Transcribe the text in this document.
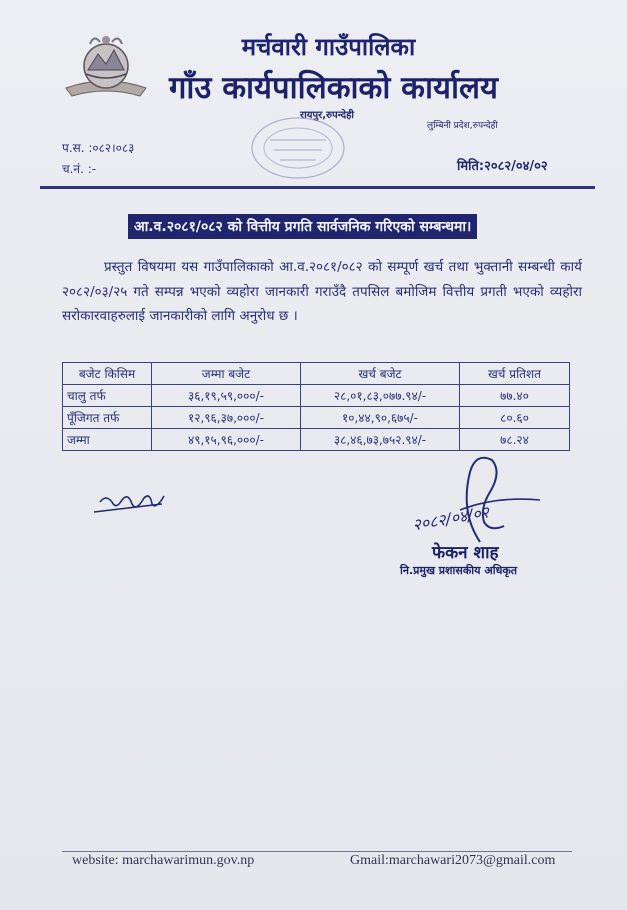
मर्चवारी गाउँपालिका
गाँउ कार्यपालिकाको कार्यालय
रायपुर,रुपन्देही
लुम्बिनी प्रदेश,रुपन्देही
प.स. :०८२।०८३
च.नं. :-	मिति:२०८२/०४/०२
आ.व.२०८१/०८२ को वित्तीय प्रगति सार्वजनिक गरिएको सम्बन्धमा।
प्रस्तुत विषयमा यस गाउँपालिकाको आ.व.२०८१/०८२ को सम्पूर्ण खर्च तथा भुक्तानी सम्बन्धी कार्य २०८२/०३/२५ गते सम्पन्न भएको व्यहोरा जानकारी गराउँदै तपसिल बमोजिम वित्तीय प्रगती भएको व्यहोरा सरोकारवाहरुलाई जानकारीको लागि अनुरोध छ ।
बजेट किसिम	जम्मा बजेट	खर्च बजेट	खर्च प्रतिशत
चालु तर्फ	३६,१९,५९,०००/-	२८,०१,८३,०७७.९४/-	७७.४०
पूँजिगत तर्फ	१२,९६,३७,०००/-	१०,४४,९०,६७५/-	८०.६०
जम्मा	४९,१५,९६,०००/-	३८,४६,७३,७५२.९४/-	७८.२४
२०८२/०४/०२
फेकन शाह
नि.प्रमुख प्रशासकीय अधिकृत
website: marchawarimun.gov.np	Gmail:marchawari2073@gmail.com
